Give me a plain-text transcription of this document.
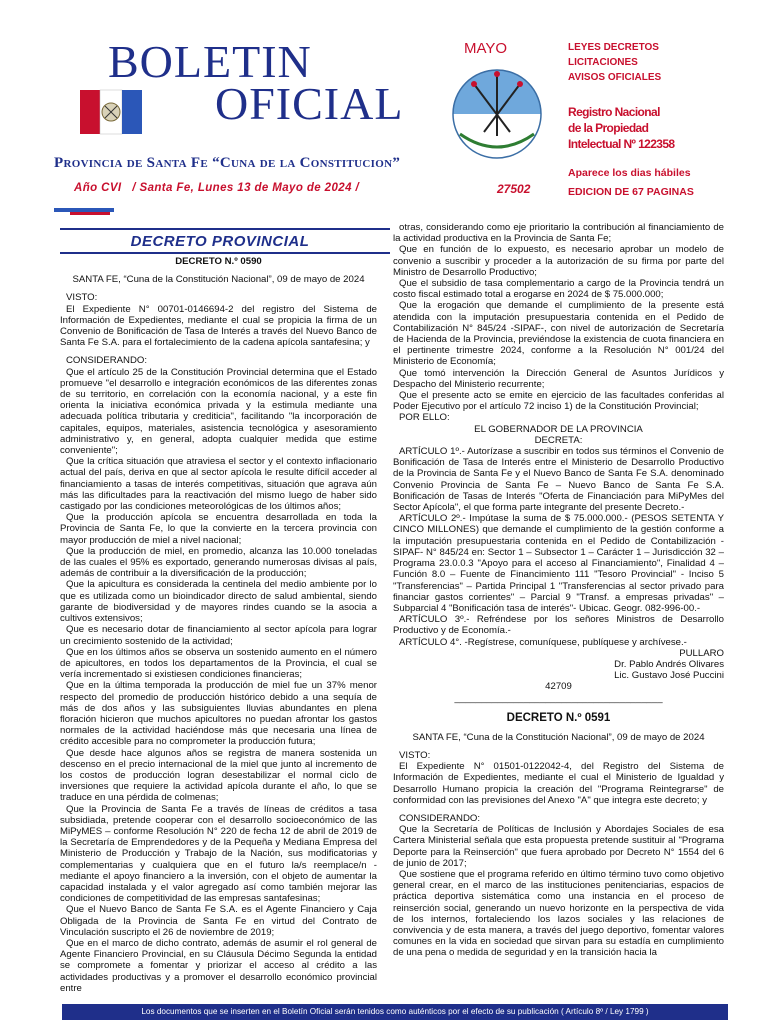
BOLETIN
OFICIAL
MAYO	LEYES DECRETOS
LICITACIONES
AVISOS OFICIALES
Registro Nacional
de la Propiedad
Intelectual Nº 122358
Provincia de Santa Fe “Cuna de la Constitucion”
Aparece los dias hábiles
Año CVI   / Santa Fe, Lunes 13 de Mayo de 2024 /	27502	EDICION DE 67 PAGINAS
DECRETO PROVINCIAL

DECRETO N.º 0590

SANTA FE, “Cuna de la Constitución Nacional”, 09 de mayo de 2024

VISTO:

El Expediente N° 00701-0146694-2 del registro del Sistema de Información de Expedientes, mediante el cual se propicia la firma de un Convenio de Bonificación de Tasa de Interés a través del Nuevo Banco de Santa Fe S.A. para el fortalecimiento de la cadena apícola santafesina; y

CONSIDERANDO:

Que el artículo 25 de la Constitución Provincial determina que el Estado promueve "el desarrollo e integración económicos de las diferentes zonas de su territorio, en correlación con la economía nacional, y a este fin orienta la iniciativa económica privada y la estimula mediante una adecuada política tributaria y crediticia", facilitando "la incorporación de capitales, equipos, materiales, asistencia tecnológica y asesoramiento administrativo y, en general, adopta cualquier medida que estime conveniente";

Que la crítica situación que atraviesa el sector y el contexto inflacionario actual del país, deriva en que al sector apícola le resulte difícil acceder al financiamiento a tasas de interés competitivas, situación que agrava aún más las dificultades para la reactivación del mismo luego de haber sido castigado por las condiciones meteorológicas de los últimos años;

Que la producción apícola se encuentra desarrollada en toda la Provincia de Santa Fe, lo que la convierte en la tercera provincia con mayor producción de miel a nivel nacional;

Que la producción de miel, en promedio, alcanza las 10.000 toneladas de las cuales el 95% es exportado, generando numerosas divisas al país, además de contribuir a la diversificación de la producción;

Que la apicultura es considerada la centinela del medio ambiente por lo que es utilizada como un bioindicador directo de salud ambiental, siendo garante de biodiversidad y de mayores rindes cuando se la asocia a cultivos extensivos;

Que es necesario dotar de financiamiento al sector apícola para lograr un crecimiento sostenido de la actividad;

Que en los últimos años se observa un sostenido aumento en el número de apicultores, en todos los departamentos de la Provincia, el cual se vería incrementado si existiesen condiciones financieras;

Que en la última temporada la producción de miel fue un 37% menor respecto del promedio de producción histórico debido a una sequía de más de dos años y las subsiguientes lluvias abundantes en plena floración hicieron que muchos apicultores no puedan afrontar los gastos normales de la actividad haciéndose más que necesaria una línea de crédito accesible para no comprometer la producción futura;

Que desde hace algunos años se registra de manera sostenida un descenso en el precio internacional de la miel que junto al incremento de los costos de producción logran desestabilizar el normal ciclo de inversiones que requiere la actividad apícola durante el año, lo que se traduce en una pérdida de colmenas;

Que la Provincia de Santa Fe a través de líneas de créditos a tasa subsidiada, pretende cooperar con el desarrollo socioeconómico de las MiPyMES – conforme Resolución N° 220 de fecha 12 de abril de 2019 de la Secretaría de Emprendedores y de la Pequeña y Mediana Empresa del Ministerio de Producción y Trabajo de la Nación, sus modificatorias y complementarias y cualquiera que en el futuro la/s reemplace/n - mediante el apoyo financiero a la inversión, con el objeto de aumentar la capacidad instalada y el valor agregado así como también mejorar las condiciones de competitividad de las empresas santafesinas;

Que el Nuevo Banco de Santa Fe S.A. es el Agente Financiero y Caja Obligada de la Provincia de Santa Fe en virtud del Contrato de Vinculación suscripto el 26 de noviembre de 2019;

Que en el marco de dicho contrato, además de asumir el rol general de Agente Financiero Provincial, en su Cláusula Décimo Segunda la entidad se compromete a fomentar y priorizar el acceso al crédito a las actividades productivas y a promover el desarrollo económico provincial entre

otras, considerando como eje prioritario la contribución al financiamiento de la actividad productiva en la Provincia de Santa Fe;

Que en función de lo expuesto, es necesario aprobar un modelo de convenio a suscribir y proceder a la autorización de su firma por parte del Ministro de Desarrollo Productivo;

Que el subsidio de tasa complementario a cargo de la Provincia tendrá un costo fiscal estimado total a erogarse en 2024 de $ 75.000.000;

Que la erogación que demande el cumplimiento de la presente está atendida con la imputación presupuestaria contenida en el Pedido de Contabilización N° 845/24 -SIPAF-, con nivel de autorización de Secretaría de Hacienda de la Provincia, previéndose la existencia de cuota financiera en el pertinente trimestre 2024, conforme a la Resolución N° 001/24 del Ministerio de Economía;

Que tomó intervención la Dirección General de Asuntos Jurídicos y Despacho del Ministerio recurrente;

Que el presente acto se emite en ejercicio de las facultades conferidas al Poder Ejecutivo por el artículo 72 inciso 1) de la Constitución Provincial;

POR ELLO:

EL GOBERNADOR DE LA PROVINCIA

DECRETA:

ARTÍCULO 1º.- Autorízase a suscribir en todos sus términos el Convenio de Bonificación de Tasa de Interés entre el Ministerio de Desarrollo Productivo de la Provincia de Santa Fe y el Nuevo Banco de Santa Fe S.A. denominado Convenio Provincia de Santa Fe – Nuevo Banco de Santa Fe S.A. Bonificación de Tasas de Interés "Oferta de Financiación para MiPyMes del Sector Apícola", el que forma parte integrante del presente Decreto.-

ARTÍCULO 2º.- Impútase la suma de $ 75.000.000.- (PESOS SETENTA Y CINCO MILLONES) que demande el cumplimiento de la gestión conforme a la imputación presupuestaria contenida en el Pedido de Contabilización -SIPAF- N° 845/24 en: Sector 1 – Subsector 1 – Carácter 1 – Jurisdicción 32 – Programa 23.0.0.3 "Apoyo para el acceso al Financiamiento", Finalidad 4 – Función 8.0 – Fuente de Financimiento 111 "Tesoro Provincial" - Inciso 5 "Transferencias" – Partida Principal 1 "Transferencias al sector privado para financiar gastos corrientes" – Parcial 9 "Transf. a empresas privadas" – Subparcial 4 "Bonificación tasa de interés"- Ubicac. Geogr. 082-996-00.-

ARTÍCULO 3º.- Refréndese por los señores Ministros de Desarrollo Productivo y de Economía.-

ARTÍCULO 4°. -Regístrese, comuníquese, publíquese y archívese.-

PULLARO

Dr. Pablo Andrés Olivares

Lic. Gustavo José Puccini

42709

_______________________________________

DECRETO N.º 0591

SANTA FE, “Cuna de la Constitución Nacional”, 09 de mayo de 2024

VISTO:

El Expediente N° 01501-0122042-4, del Registro del Sistema de Información de Expedientes, mediante el cual el Ministerio de Igualdad y Desarrollo Humano propicia la creación del "Programa Reintegrarse" de conformidad con las previsiones del Anexo "A" que integra este decreto; y

CONSIDERANDO:

Que la Secretaría de Políticas de Inclusión y Abordajes Sociales de esa Cartera Ministerial señala que esta propuesta pretende sustituir al "Programa Deporte para la Reinserción" que fuera aprobado por Decreto N° 1554 del 6 de junio de 2017;

Que sostiene que el programa referido en último término tuvo como objetivo general crear, en el marco de las instituciones penitenciarias, espacios de práctica deportiva sistemática como una instancia en el proceso de reinserción social, generando un nuevo horizonte en la perspectiva de vida de los internos, fortaleciendo los lazos sociales y las relaciones de convivencia y de esta manera, a través del juego deportivo, fomentar valores comunes en la vida en sociedad que sirvan para su estadía en cumplimiento de una pena o medida de seguridad y en la transición hacia la

Los documentos que se inserten en el Boletín Oficial serán tenidos como auténticos por el efecto de su publicación ( Artículo 8º / Ley 1799 )
